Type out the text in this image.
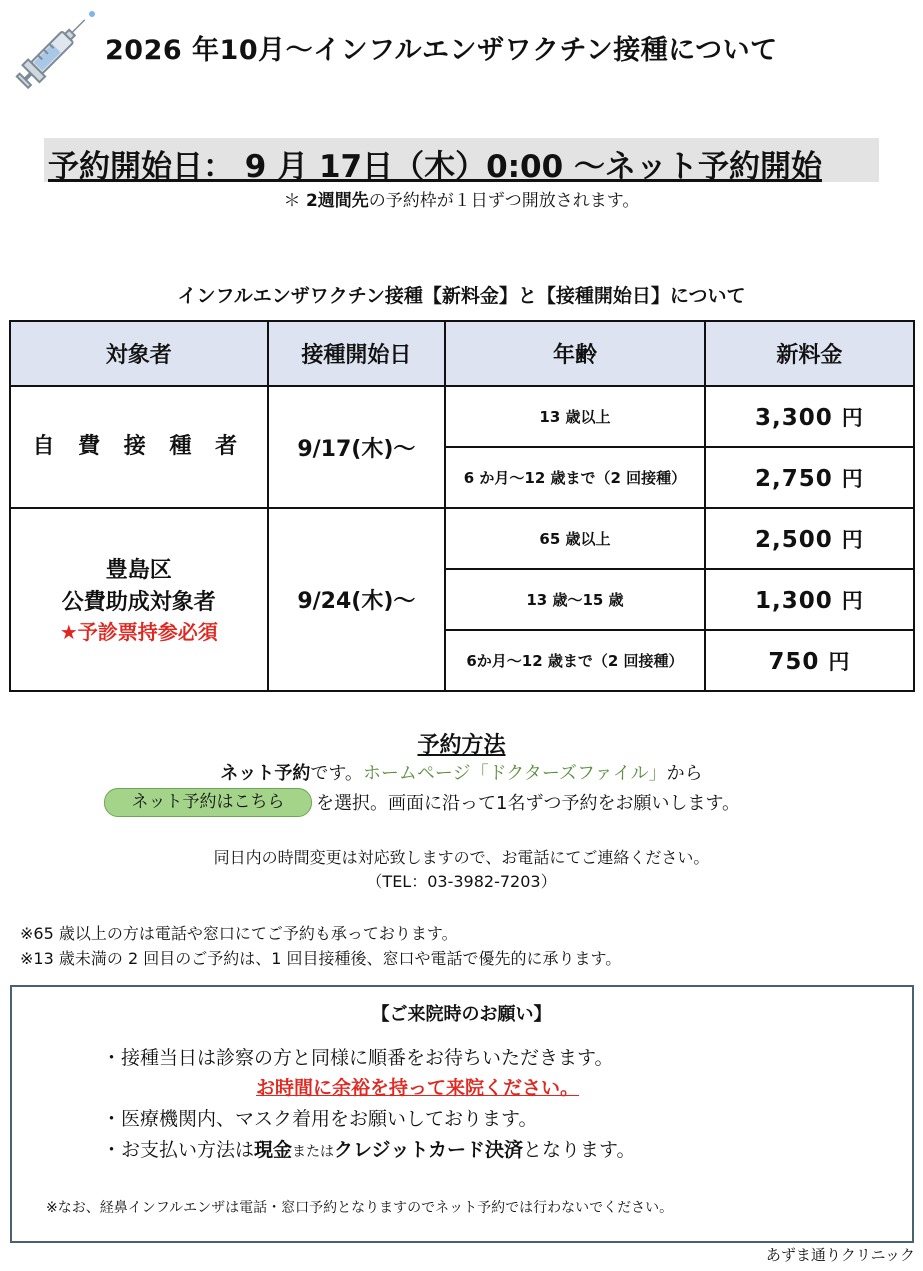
2026 年10月～インフルエンザワクチン接種について
予約開始日： 9 月 17日（木）0:00 ～ネット予約開始
＊ 2週間先の予約枠が１日ずつ開放されます。
インフルエンザワクチン接種【新料金】と【接種開始日】について
対象者	接種開始日	年齢	新料金
自 費 接 種 者	9/17(木)～	13 歳以上	3,300 円
		6 か月～12 歳まで（2 回接種）	2,750 円

豊島区
公費助成対象者
★予診票持参必須	9/24(木)～	65 歳以上	2,500 円
		13 歳～15 歳	1,300 円
		6か月～12 歳まで（2 回接種）	750 円
予約方法
ネット予約です。ホームページ「ドクターズファイル」から
ネット予約はこちら	を選択。画面に沿って1名ずつ予約をお願いします。
同日内の時間変更は対応致しますので、お電話にてご連絡ください。
（TEL：03-3982-7203）
※65 歳以上の方は電話や窓口にてご予約も承っております。
※13 歳未満の 2 回目のご予約は、1 回目接種後、窓口や電話で優先的に承ります。
【ご来院時のお願い】
・接種当日は診察の方と同様に順番をお待ちいただきます。
お時間に余裕を持って来院ください。
・医療機関内、マスク着用をお願いしております。
・お支払い方法は現金またはクレジットカード決済となります。
※なお、経鼻インフルエンザは電話・窓口予約となりますのでネット予約では行わないでください。
あずま通りクリニック
